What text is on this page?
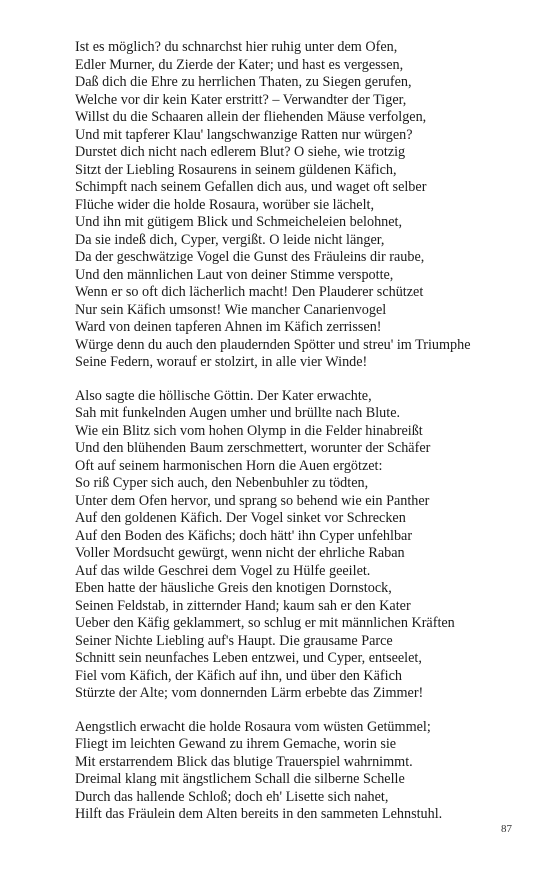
Ist es möglich? du schnarchst hier ruhig unter dem Ofen,
Edler Murner, du Zierde der Kater; und hast es vergessen,
Daß dich die Ehre zu herrlichen Thaten, zu Siegen gerufen,
Welche vor dir kein Kater erstritt? – Verwandter der Tiger,
Willst du die Schaaren allein der fliehenden Mäuse verfolgen,
Und mit tapferer Klau' langschwanzige Ratten nur würgen?
Durstet dich nicht nach edlerem Blut? O siehe, wie trotzig
Sitzt der Liebling Rosaurens in seinem güldenen Käfich,
Schimpft nach seinem Gefallen dich aus, und waget oft selber
Flüche wider die holde Rosaura, worüber sie lächelt,
Und ihn mit gütigem Blick und Schmeicheleien belohnet,
Da sie indeß dich, Cyper, vergißt. O leide nicht länger,
Da der geschwätzige Vogel die Gunst des Fräuleins dir raube,
Und den männlichen Laut von deiner Stimme verspotte,
Wenn er so oft dich lächerlich macht! Den Plauderer schützet
Nur sein Käfich umsonst! Wie mancher Canarienvogel
Ward von deinen tapferen Ahnen im Käfich zerrissen!
Würge denn du auch den plaudernden Spötter und streu' im Triumphe
Seine Federn, worauf er stolzirt, in alle vier Winde!
Also sagte die höllische Göttin. Der Kater erwachte,
Sah mit funkelnden Augen umher und brüllte nach Blute.
Wie ein Blitz sich vom hohen Olymp in die Felder hinabreißt
Und den blühenden Baum zerschmettert, worunter der Schäfer
Oft auf seinem harmonischen Horn die Auen ergötzet:
So riß Cyper sich auch, den Nebenbuhler zu tödten,
Unter dem Ofen hervor, und sprang so behend wie ein Panther
Auf den goldenen Käfich. Der Vogel sinket vor Schrecken
Auf den Boden des Käfichs; doch hätt' ihn Cyper unfehlbar
Voller Mordsucht gewürgt, wenn nicht der ehrliche Raban
Auf das wilde Geschrei dem Vogel zu Hülfe geeilet.
Eben hatte der häusliche Greis den knotigen Dornstock,
Seinen Feldstab, in zitternder Hand; kaum sah er den Kater
Ueber den Käfig geklammert, so schlug er mit männlichen Kräften
Seiner Nichte Liebling auf's Haupt. Die grausame Parce
Schnitt sein neunfaches Leben entzwei, und Cyper, entseelet,
Fiel vom Käfich, der Käfich auf ihn, und über den Käfich
Stürzte der Alte; vom donnernden Lärm erbebte das Zimmer!
Aengstlich erwacht die holde Rosaura vom wüsten Getümmel;
Fliegt im leichten Gewand zu ihrem Gemache, worin sie
Mit erstarrendem Blick das blutige Trauerspiel wahrnimmt.
Dreimal klang mit ängstlichem Schall die silberne Schelle
Durch das hallende Schloß; doch eh' Lisette sich nahet,
Hilft das Fräulein dem Alten bereits in den sammeten Lehnstuhl.
87
